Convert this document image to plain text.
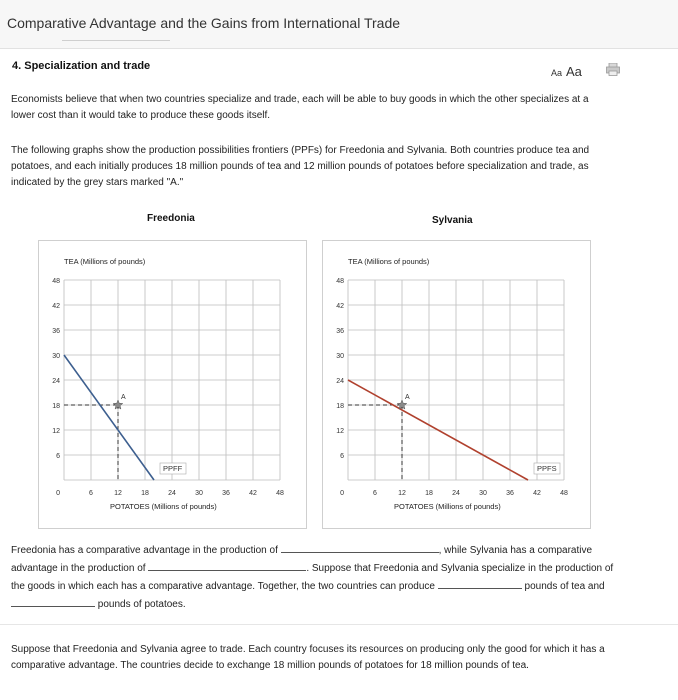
Comparative Advantage and the Gains from International Trade
4. Specialization and trade
Aa Aa
Economists believe that when two countries specialize and trade, each will be able to buy goods in which the other specializes at a lower cost than it would take to produce these goods itself.
The following graphs show the production possibilities frontiers (PPFs) for Freedonia and Sylvania. Both countries produce tea and potatoes, and each initially produces 18 million pounds of tea and 12 million pounds of potatoes before specialization and trade, as indicated by the grey stars marked "A."
Freedonia	Sylvania
TEA (Millions of pounds)
6
12
18
24
30
36
42
48
0	6	12	18	24	30	36	42	48
POTATOES (Millions of pounds)
PPFF
A
TEA (Millions of pounds)
6
12
18
24
30
36
42
48
0	6	12	18	24	30	36	42	48
POTATOES (Millions of pounds)
PPFS
A
Freedonia has a comparative advantage in the production of	, while Sylvania has a comparative advantage in the production of	. Suppose that Freedonia and Sylvania specialize in the production of the goods in which each has a comparative advantage. Together, the two countries can produce	pounds of tea and  pounds of potatoes.
Suppose that Freedonia and Sylvania agree to trade. Each country focuses its resources on producing only the good for which it has a comparative advantage. The countries decide to exchange 18 million pounds of potatoes for 18 million pounds of tea.
